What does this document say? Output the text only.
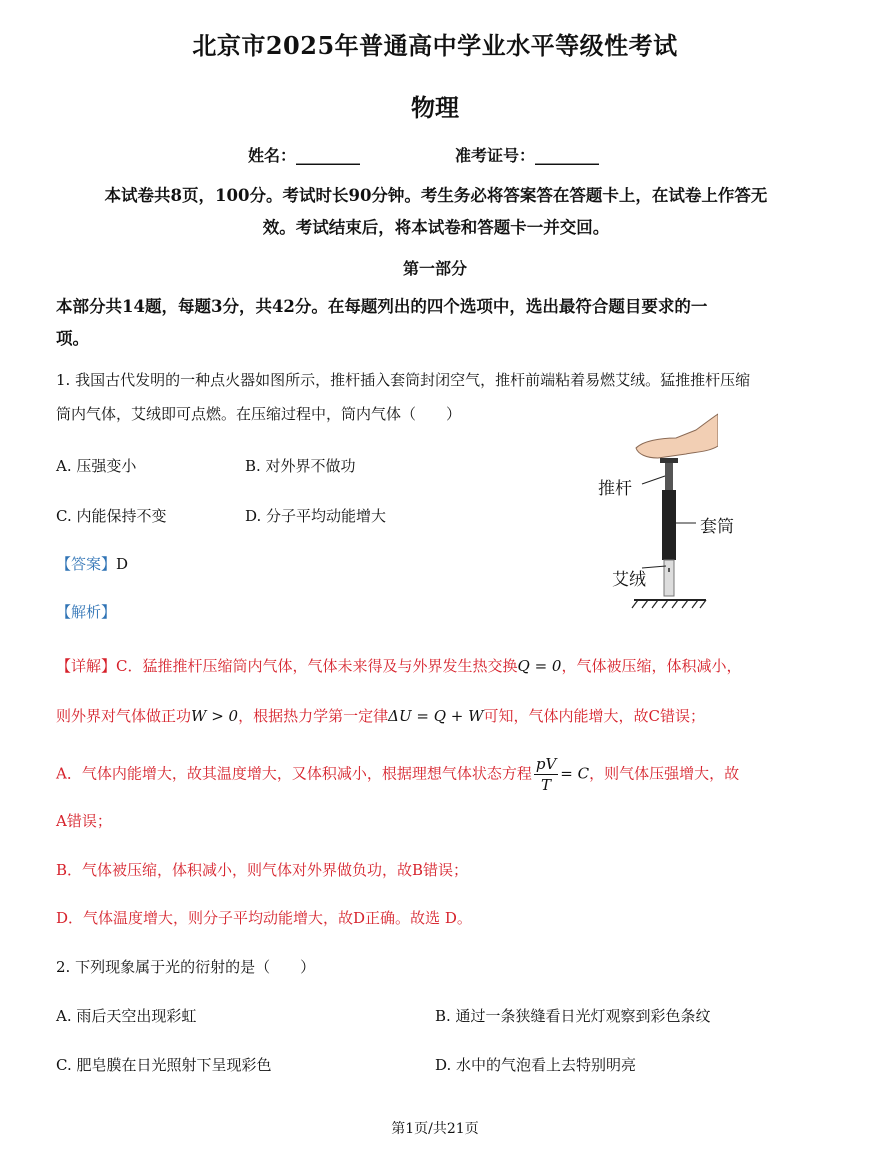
北京市2025年普通高中学业水平等级性考试
物理
姓名：________	准考证号：________
本试卷共8页，100分。考试时长90分钟。考生务必将答案答在答题卡上，在试卷上作答无
效。考试结束后，将本试卷和答题卡一并交回。
第一部分
本部分共14题，每题3分，共42分。在每题列出的四个选项中，选出最符合题目要求的一
项。
1. 我国古代发明的一种点火器如图所示，推杆插入套筒封闭空气，推杆前端粘着易燃艾绒。猛推推杆压缩
筒内气体，艾绒即可点燃。在压缩过程中，筒内气体（　　）
A. 压强变小	B. 对外界不做功
C. 内能保持不变	D. 分子平均动能增大
【答案】D
【解析】
推杆
套筒
艾绒
【详解】C．猛推推杆压缩筒内气体，气体未来得及与外界发生热交换Q = 0，气体被压缩，体积减小，
则外界对气体做正功W > 0，根据热力学第一定律ΔU = Q + W可知，气体内能增大，故C错误；
A．气体内能增大，故其温度增大，又体积减小，根据理想气体状态方程 $\frac{pV}{T} = C$，则气体压强增大，故
A错误；
B．气体被压缩，体积减小，则气体对外界做负功，故B错误；
D．气体温度增大，则分子平均动能增大，故D正确。故选 D。
2. 下列现象属于光的衍射的是（　　）
A. 雨后天空出现彩虹	B. 通过一条狭缝看日光灯观察到彩色条纹
C. 肥皂膜在日光照射下呈现彩色	D. 水中的气泡看上去特别明亮
第1页/共21页
